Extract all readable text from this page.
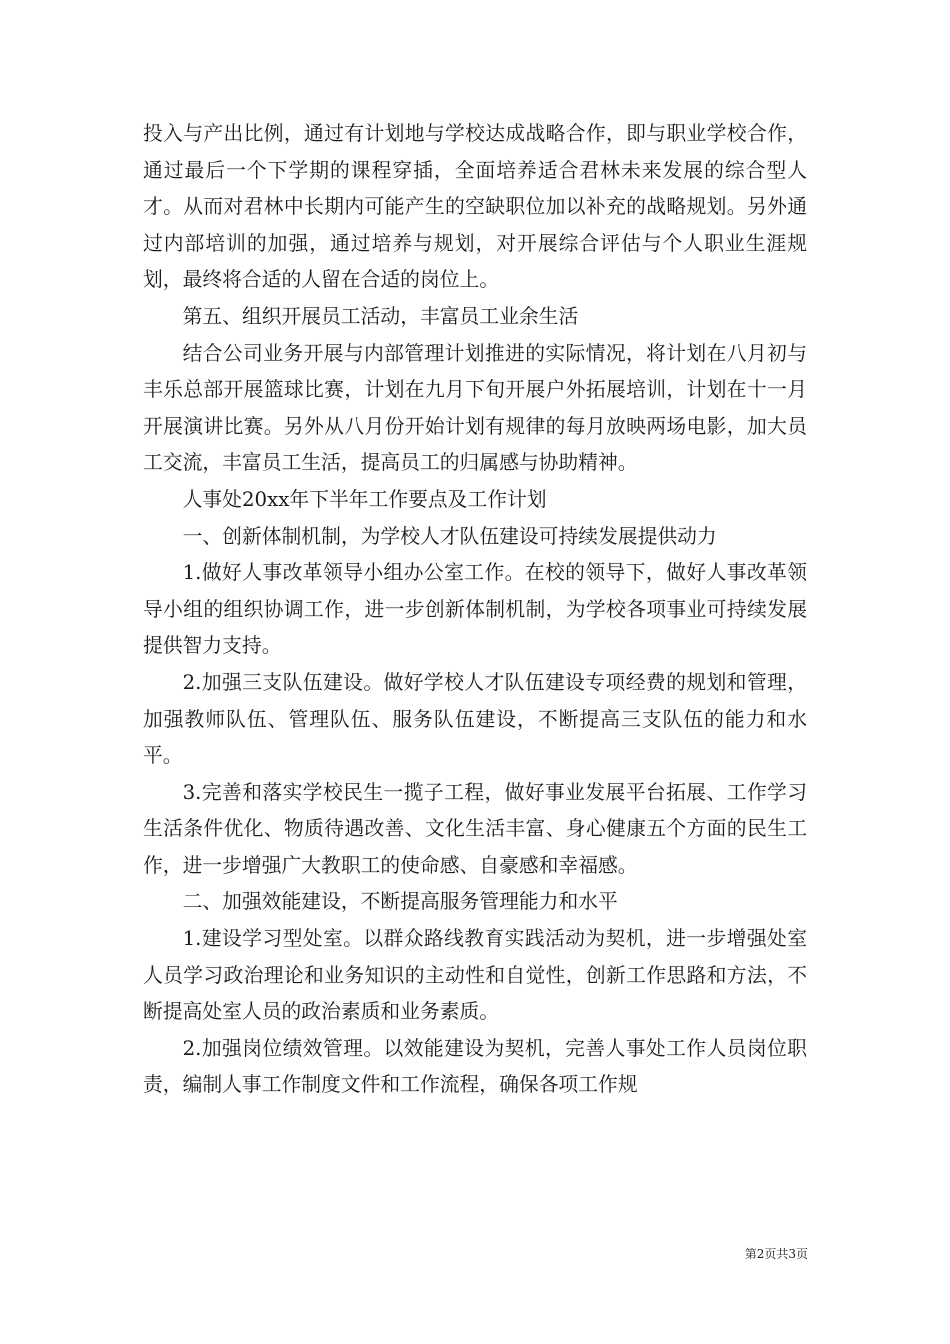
投入与产出比例，通过有计划地与学校达成战略合作，即与职业学校合作，通过最后一个下学期的课程穿插，全面培养适合君林未来发展的综合型人才。从而对君林中长期内可能产生的空缺职位加以补充的战略规划。另外通过内部培训的加强，通过培养与规划，对开展综合评估与个人职业生涯规划，最终将合适的人留在合适的岗位上。

第五、组织开展员工活动，丰富员工业余生活

结合公司业务开展与内部管理计划推进的实际情况，将计划在八月初与丰乐总部开展篮球比赛，计划在九月下旬开展户外拓展培训，计划在十一月开展演讲比赛。另外从八月份开始计划有规律的每月放映两场电影，加大员工交流，丰富员工生活，提高员工的归属感与协助精神。

人事处20xx年下半年工作要点及工作计划

一、创新体制机制，为学校人才队伍建设可持续发展提供动力

1.做好人事改革领导小组办公室工作。在校的领导下，做好人事改革领导小组的组织协调工作，进一步创新体制机制，为学校各项事业可持续发展提供智力支持。

2.加强三支队伍建设。做好学校人才队伍建设专项经费的规划和管理，加强教师队伍、管理队伍、服务队伍建设，不断提高三支队伍的能力和水平。

3.完善和落实学校民生一揽子工程，做好事业发展平台拓展、工作学习生活条件优化、物质待遇改善、文化生活丰富、身心健康五个方面的民生工作，进一步增强广大教职工的使命感、自豪感和幸福感。

二、加强效能建设，不断提高服务管理能力和水平

1.建设学习型处室。以群众路线教育实践活动为契机，进一步增强处室人员学习政治理论和业务知识的主动性和自觉性，创新工作思路和方法，不断提高处室人员的政治素质和业务素质。

2.加强岗位绩效管理。以效能建设为契机，完善人事处工作人员岗位职责，编制人事工作制度文件和工作流程，确保各项工作规

第2页共3页
